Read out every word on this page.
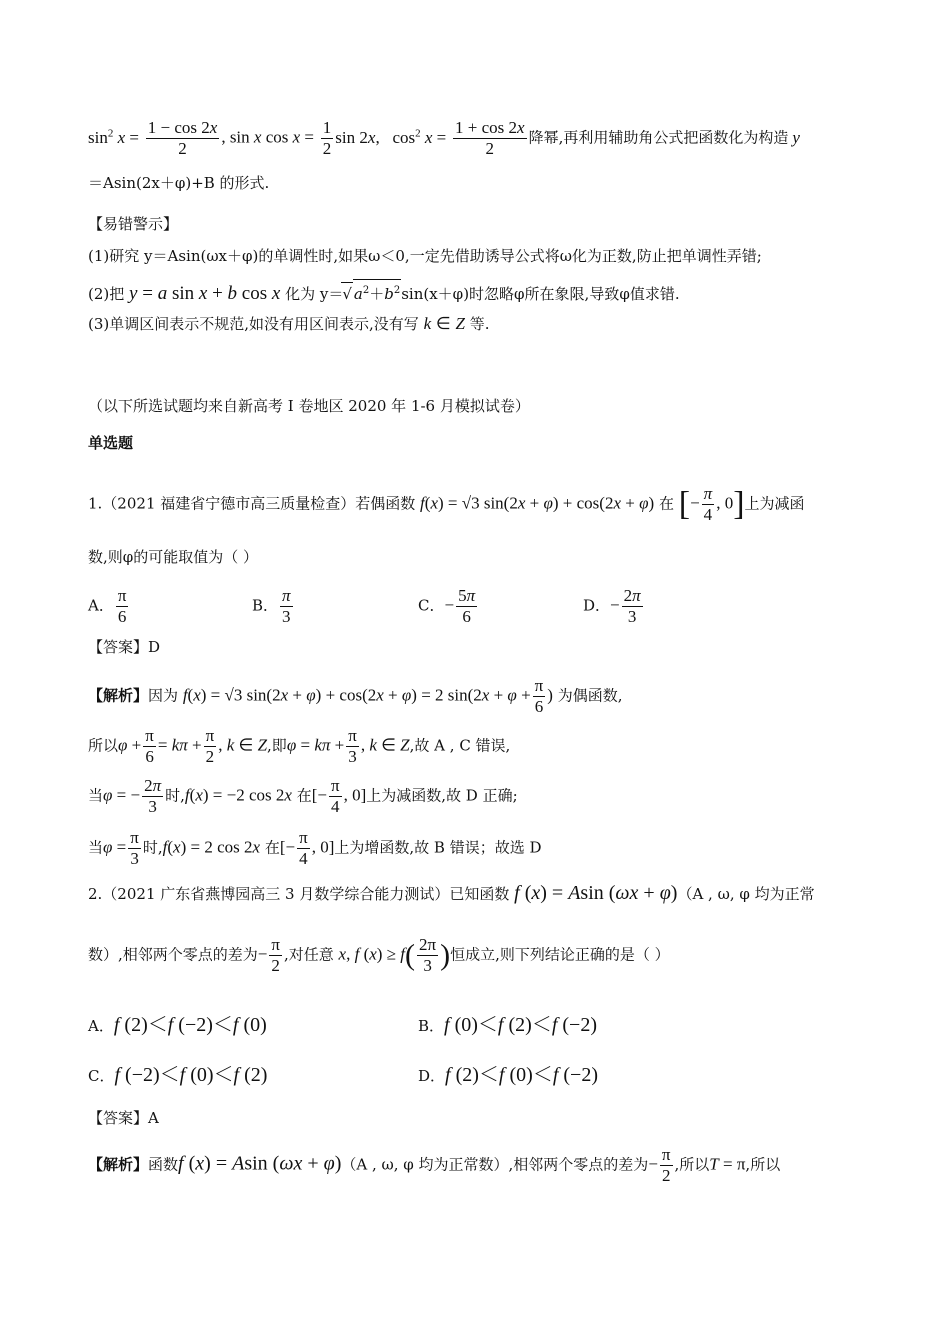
$\sin^2 x = \frac{1 - \cos 2x}{2}$ , sin x $\cos x = \frac{1}{2}$ sin 2x,   $\cos^2 x = \frac{1 + \cos 2x}{2}$ 降幂,再利用辅助角公式把函数化为构造 y
＝Asin(2x＋φ)+B 的形式.
【易错警示】
(1)研究 y＝Asin(ωx＋φ)的单调性时,如果ω＜0,一定先借助诱导公式将ω化为正数,防止把单调性弄错;
(2)把 y = a sin x + b cos x 化为 y＝√ $a^2+b^2\sin(x+\varphi)$时忽略φ所在象限,导致φ值求错.
(3)单调区间表示不规范,如没有用区间表示,没有写 k ∈ Z 等.
（以下所选试题均来自新高考 I 卷地区 2020 年 1-6 月模拟试卷）
单选题
1.（2021 福建省宁德市高三质量检查）若偶函数 f(x) = √3 sin(2x + φ) + cos(2x + φ) 在 [− $\frac{\pi}{4}$ , 0]上为减函
数,则φ的可能取值为（ ）
A． $\frac{\pi}{6}$	B． $\frac{\pi}{3}$	C．− $\frac{5\pi}{6}$	D．− $\frac{2\pi}{3}$
【答案】D
【解析】因为 f(x) = √3 sin(2x + φ) + cos(2x + φ) = 2 $\sin(2x + \varphi + \frac{\pi}{6}$ ) 为偶函数,
所以$\varphi + \frac{\pi}{6} = k\pi + \frac{\pi}{2}$ , k ∈ Z,即$\varphi = k\pi + \frac{\pi}{3}$ , k ∈ Z,故 A , C 错误,
当φ = − $\frac{2\pi}{3}$ 时,f(x) = −2 cos 2x 在[− $\frac{\pi}{4}$ , 0]上为减函数,故 D 正确;
当$\varphi = \frac{\pi}{3}$ 时,f(x) = 2 cos 2x 在[− $\frac{\pi}{4}$ , 0]上为增函数,故 B 错误；故选 D
2.（2021 广东省燕博园高三 3 月数学综合能力测试）已知函数 f (x) = Asin (ωx + φ)（A , ω, φ 均为正常
数）,相邻两个零点的差为− $\frac{\pi}{2}$ ,对任意 x, f $(x) \ge f( \frac{2\pi}{3}$ )恒成立,则下列结论正确的是（ ）
A．f (2)＜f (−2)＜f (0)	B．f (0)＜f (2)＜f (−2)
C．f (−2)＜f (0)＜f (2)	D．f (2)＜f (0)＜f (−2)
【答案】A
【解析】函数f (x) = Asin (ωx + φ)（A , ω, φ 均为正常数）,相邻两个零点的差为− $\frac{\pi}{2}$ ,所以T = π,所以
